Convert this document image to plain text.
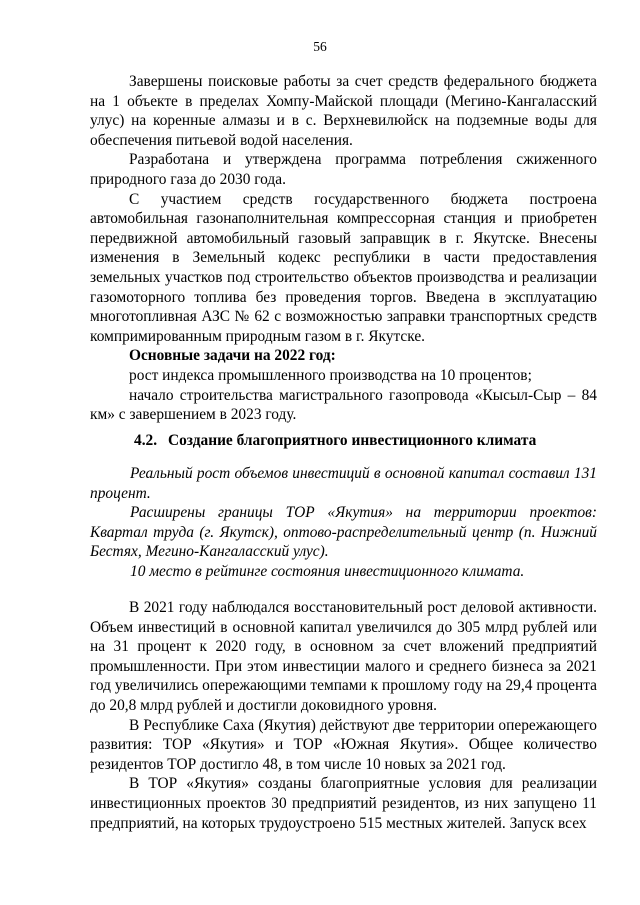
56

Завершены поисковые работы за счет средств федерального бюджета на 1 объекте в пределах Хомпу-Майской площади (Мегино-Кангаласский улус) на коренные алмазы и в с. Верхневилюйск на подземные воды для обеспечения питьевой водой населения.

Разработана и утверждена программа потребления сжиженного природного газа до 2030 года.

С участием средств государственного бюджета построена автомобильная газонаполнительная компрессорная станция и приобретен передвижной автомобильный газовый заправщик в г. Якутске. Внесены изменения в Земельный кодекс республики в части предоставления земельных участков под строительство объектов производства и реализации газомоторного топлива без проведения торгов. Введена в эксплуатацию многотопливная АЗС № 62 с возможностью заправки транспортных средств компримированным природным газом в г. Якутске.

Основные задачи на 2022 год:

рост индекса промышленного производства на 10 процентов;

начало строительства магистрального газопровода «Кысыл-Сыр – 84 км» с завершением в 2023 году.

4.2. Создание благоприятного инвестиционного климата

Реальный рост объемов инвестиций в основной капитал составил 131 процент.

Расширены границы ТОР «Якутия» на территории проектов: Квартал труда (г. Якутск), оптово-распределительный центр (п. Нижний Бестях, Мегино-Кангаласский улус).

10 место в рейтинге состояния инвестиционного климата.

В 2021 году наблюдался восстановительный рост деловой активности. Объем инвестиций в основной капитал увеличился до 305 млрд рублей или на 31 процент к 2020 году, в основном за счет вложений предприятий промышленности. При этом инвестиции малого и среднего бизнеса за 2021 год увеличились опережающими темпами к прошлому году на 29,4 процента до 20,8 млрд рублей и достигли доковидного уровня.

В Республике Саха (Якутия) действуют две территории опережающего развития: ТОР «Якутия» и ТОР «Южная Якутия». Общее количество резидентов ТОР достигло 48, в том числе 10 новых за 2021 год.

В ТОР «Якутия» созданы благоприятные условия для реализации инвестиционных проектов 30 предприятий резидентов, из них запущено 11 предприятий, на которых трудоустроено 515 местных жителей. Запуск всех
